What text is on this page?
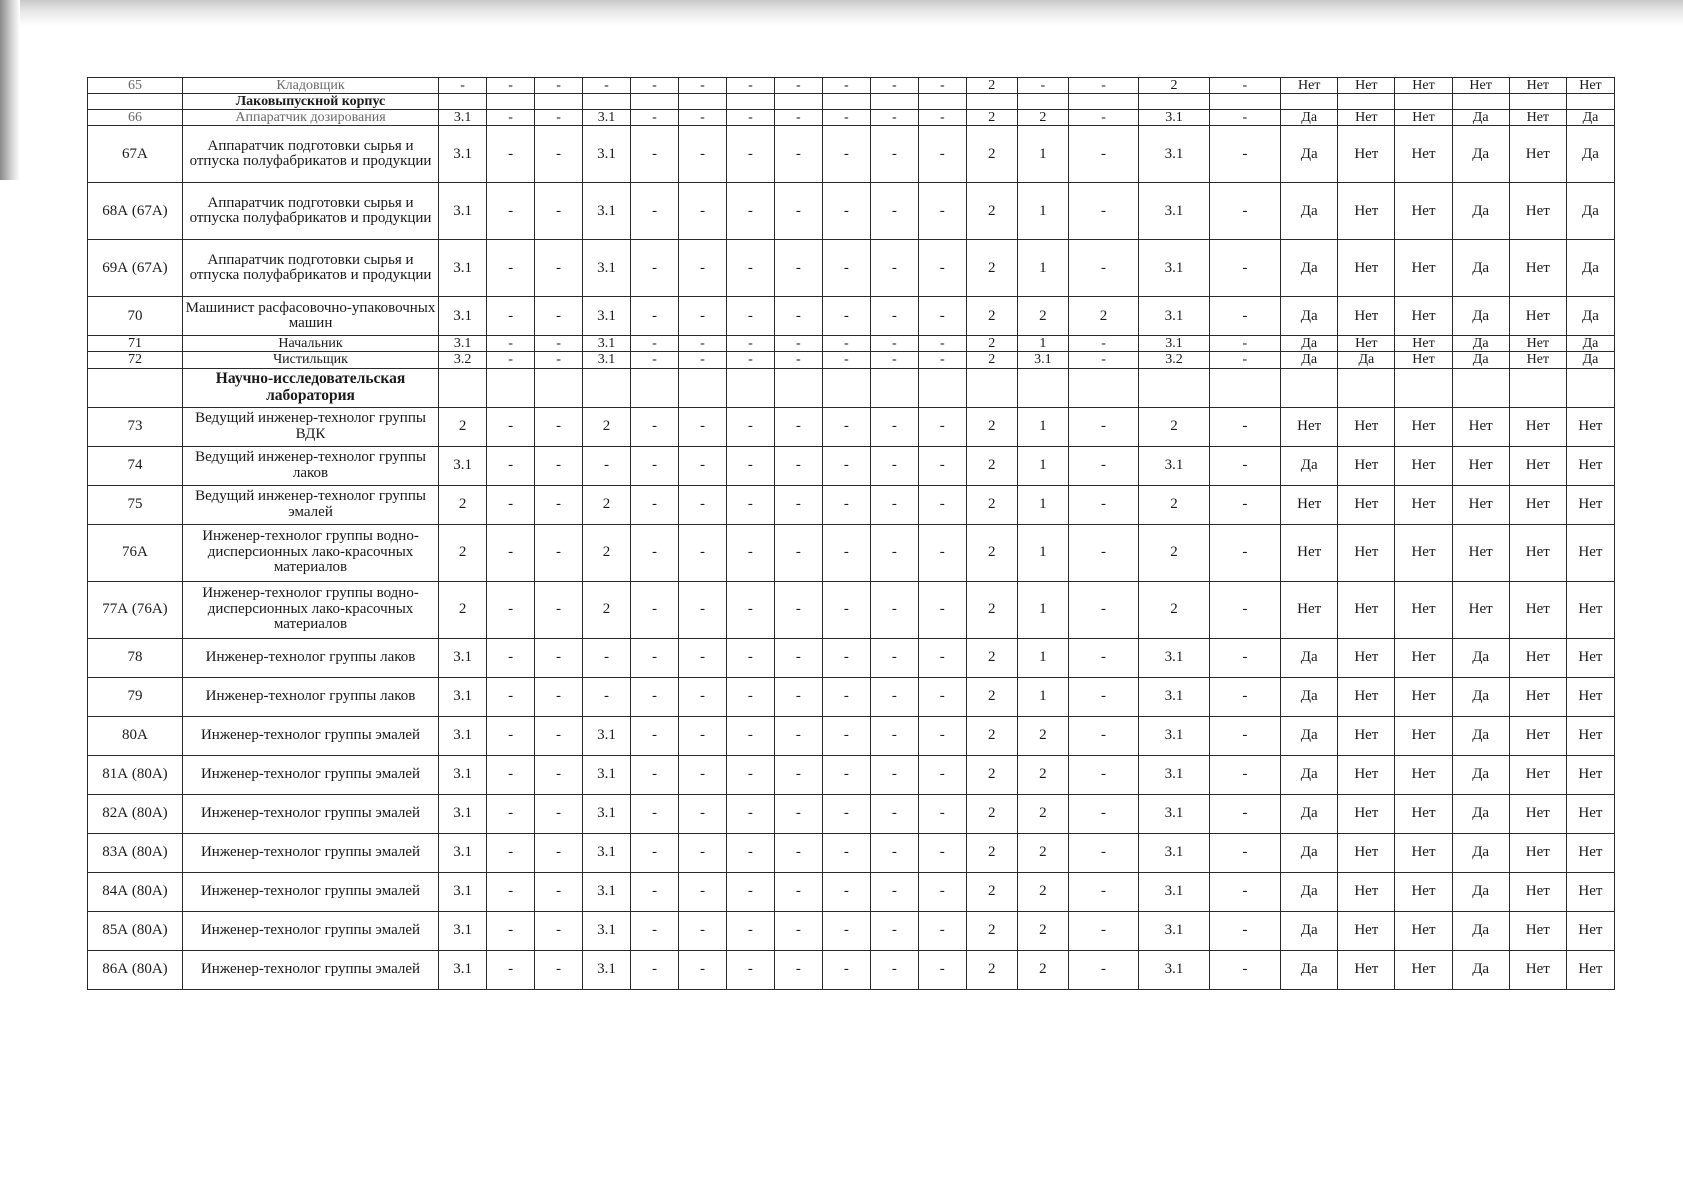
65	Кладовщик	-	-	-	-	-	-	-	-	-	-	-	2	-	-	2	-	Нет	Нет	Нет	Нет	Нет	Нет
	Лаковыпускной корпус																						
66	Аппаратчик дозирования	3.1	-	-	3.1	-	-	-	-	-	-	-	2	2	-	3.1	-	Да	Нет	Нет	Да	Нет	Да
67А	Аппаратчик подготовки сырья и отпуска полуфабрикатов и продукции	3.1	-	-	3.1	-	-	-	-	-	-	-	2	1	-	3.1	-	Да	Нет	Нет	Да	Нет	Да
68А (67А)	Аппаратчик подготовки сырья и отпуска полуфабрикатов и продукции	3.1	-	-	3.1	-	-	-	-	-	-	-	2	1	-	3.1	-	Да	Нет	Нет	Да	Нет	Да
69А (67А)	Аппаратчик подготовки сырья и отпуска полуфабрикатов и продукции	3.1	-	-	3.1	-	-	-	-	-	-	-	2	1	-	3.1	-	Да	Нет	Нет	Да	Нет	Да
70	Машинист расфасовочно-упаковочных машин	3.1	-	-	3.1	-	-	-	-	-	-	-	2	2	2	3.1	-	Да	Нет	Нет	Да	Нет	Да
71	Начальник	3.1	-	-	3.1	-	-	-	-	-	-	-	2	1	-	3.1	-	Да	Нет	Нет	Да	Нет	Да
72	Чистильщик	3.2	-	-	3.1	-	-	-	-	-	-	-	2	3.1	-	3.2	-	Да	Да	Нет	Да	Нет	Да
	Научно-исследовательская лаборатория																						
73	Ведущий инженер-технолог группы ВДК	2	-	-	2	-	-	-	-	-	-	-	2	1	-	2	-	Нет	Нет	Нет	Нет	Нет	Нет
74	Ведущий инженер-технолог группы лаков	3.1	-	-	-	-	-	-	-	-	-	-	2	1	-	3.1	-	Да	Нет	Нет	Нет	Нет	Нет
75	Ведущий инженер-технолог группы эмалей	2	-	-	2	-	-	-	-	-	-	-	2	1	-	2	-	Нет	Нет	Нет	Нет	Нет	Нет
76А	Инженер-технолог группы водно-дисперсионных лако-красочных материалов	2	-	-	2	-	-	-	-	-	-	-	2	1	-	2	-	Нет	Нет	Нет	Нет	Нет	Нет
77А (76А)	Инженер-технолог группы водно-дисперсионных лако-красочных материалов	2	-	-	2	-	-	-	-	-	-	-	2	1	-	2	-	Нет	Нет	Нет	Нет	Нет	Нет
78	Инженер-технолог группы лаков	3.1	-	-	-	-	-	-	-	-	-	-	2	1	-	3.1	-	Да	Нет	Нет	Да	Нет	Нет
79	Инженер-технолог группы лаков	3.1	-	-	-	-	-	-	-	-	-	-	2	1	-	3.1	-	Да	Нет	Нет	Да	Нет	Нет
80А	Инженер-технолог группы эмалей	3.1	-	-	3.1	-	-	-	-	-	-	-	2	2	-	3.1	-	Да	Нет	Нет	Да	Нет	Нет
81А (80А)	Инженер-технолог группы эмалей	3.1	-	-	3.1	-	-	-	-	-	-	-	2	2	-	3.1	-	Да	Нет	Нет	Да	Нет	Нет
82А (80А)	Инженер-технолог группы эмалей	3.1	-	-	3.1	-	-	-	-	-	-	-	2	2	-	3.1	-	Да	Нет	Нет	Да	Нет	Нет
83А (80А)	Инженер-технолог группы эмалей	3.1	-	-	3.1	-	-	-	-	-	-	-	2	2	-	3.1	-	Да	Нет	Нет	Да	Нет	Нет
84А (80А)	Инженер-технолог группы эмалей	3.1	-	-	3.1	-	-	-	-	-	-	-	2	2	-	3.1	-	Да	Нет	Нет	Да	Нет	Нет
85А (80А)	Инженер-технолог группы эмалей	3.1	-	-	3.1	-	-	-	-	-	-	-	2	2	-	3.1	-	Да	Нет	Нет	Да	Нет	Нет
86А (80А)	Инженер-технолог группы эмалей	3.1	-	-	3.1	-	-	-	-	-	-	-	2	2	-	3.1	-	Да	Нет	Нет	Да	Нет	Нет
